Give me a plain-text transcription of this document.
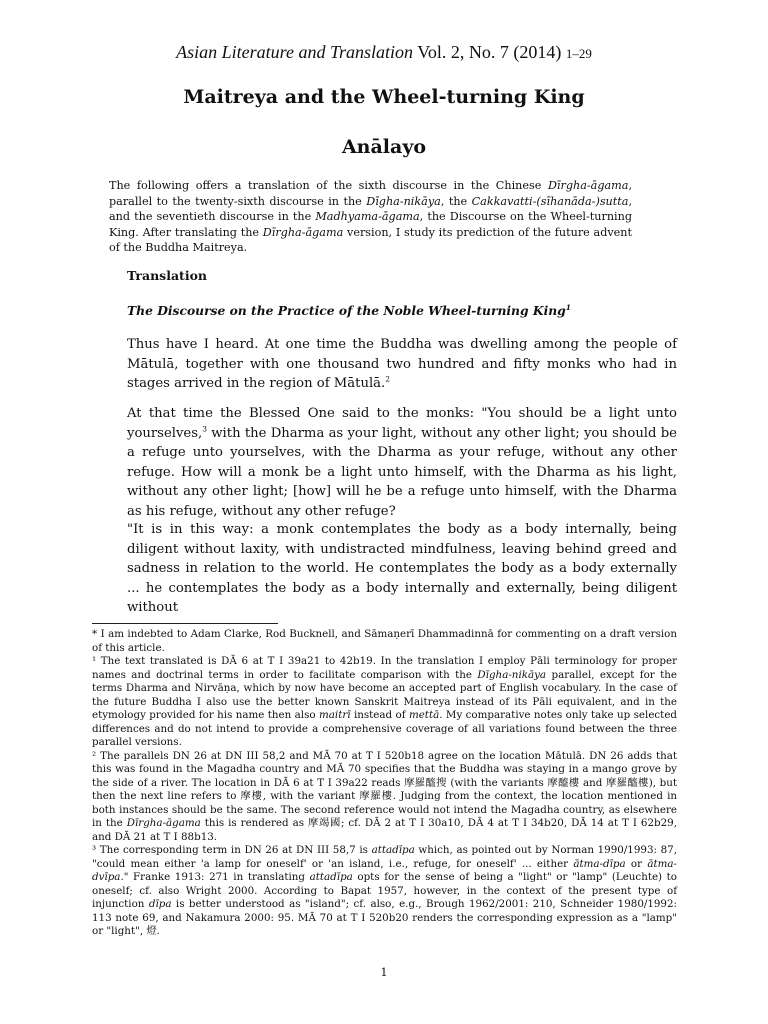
Asian Literature and Translation Vol. 2, No. 7 (2014) 1–29
Maitreya and the Wheel-turning King
Anālayo
The following offers a translation of the sixth discourse in the Chinese Dīrgha-āgama, parallel to the twenty-sixth discourse in the Dīgha-nikāya, the Cakkavatti-(sīhanāda-)sutta, and the seventieth discourse in the Madhyama-āgama, the Discourse on the Wheel-turning King. After translating the Dīrgha-āgama version, I study its prediction of the future advent of the Buddha Maitreya.
Translation
The Discourse on the Practice of the Noble Wheel-turning King$^1$
Thus have I heard. At one time the Buddha was dwelling among the people of Mātulā, together with one thousand two hundred and fifty monks who had in stages arrived in the region of Mātulā.$^2$
At that time the Blessed One said to the monks: "You should be a light unto yourselves,$^3$ with the Dharma as your light, without any other light; you should be a refuge unto yourselves, with the Dharma as your refuge, without any other refuge. How will a monk be a light unto himself, with the Dharma as his light, without any other light; [how] will he be a refuge unto himself, with the Dharma as his refuge, without any other refuge?
"It is in this way: a monk contemplates the body as a body internally, being diligent without laxity, with undistracted mindfulness, leaving behind greed and sadness in relation to the world. He contemplates the body as a body externally ... he contemplates the body as a body internally and externally, being diligent without

* I am indebted to Adam Clarke, Rod Bucknell, and Sāmaṇerī Dhammadinnā for commenting on a draft version of this article.

¹ The text translated is DĀ 6 at T I 39a21 to 42b19. In the translation I employ Pāli terminology for proper names and doctrinal terms in order to facilitate comparison with the Dīgha-nikāya parallel, except for the terms Dharma and Nirvāṇa, which by now have become an accepted part of English vocabulary. In the case of the future Buddha I also use the better known Sanskrit Maitreya instead of its Pāli equivalent, and in the etymology provided for his name then also maitrī instead of mettā. My comparative notes only take up selected differences and do not intend to provide a comprehensive coverage of all variations found between the three parallel versions.

² The parallels DN 26 at DN III 58,2 and MĀ 70 at T I 520b18 agree on the location Mātulā. DN 26 adds that this was found in the Magadha country and MĀ 70 specifies that the Buddha was staying in a mango grove by the side of a river. The location in DĀ 6 at T I 39a22 reads 摩羅醯搜 (with the variants 摩醯樓 and 摩羅醯樓), but then the next line refers to 摩樓, with the variant 摩羅樓. Judging from the context, the location mentioned in both instances should be the same. The second reference would not intend the Magadha country, as elsewhere in the Dīrgha-āgama this is rendered as 摩竭國; cf. DĀ 2 at T I 30a10, DĀ 4 at T I 34b20, DĀ 14 at T I 62b29, and DĀ 21 at T I 88b13.

³ The corresponding term in DN 26 at DN III 58,7 is attadīpa which, as pointed out by Norman 1990/1993: 87, "could mean either 'a lamp for oneself' or 'an island, i.e., refuge, for oneself' ... either ātma-dīpa or ātma-dvīpa." Franke 1913: 271 in translating attadīpa opts for the sense of being a "light" or "lamp" (Leuchte) to oneself; cf. also Wright 2000. According to Bapat 1957, however, in the context of the present type of injunction dīpa is better understood as "island"; cf. also, e.g., Brough 1962/2001: 210, Schneider 1980/1992: 113 note 69, and Nakamura 2000: 95. MĀ 70 at T I 520b20 renders the corresponding expression as a "lamp" or "light", 燈.

1
